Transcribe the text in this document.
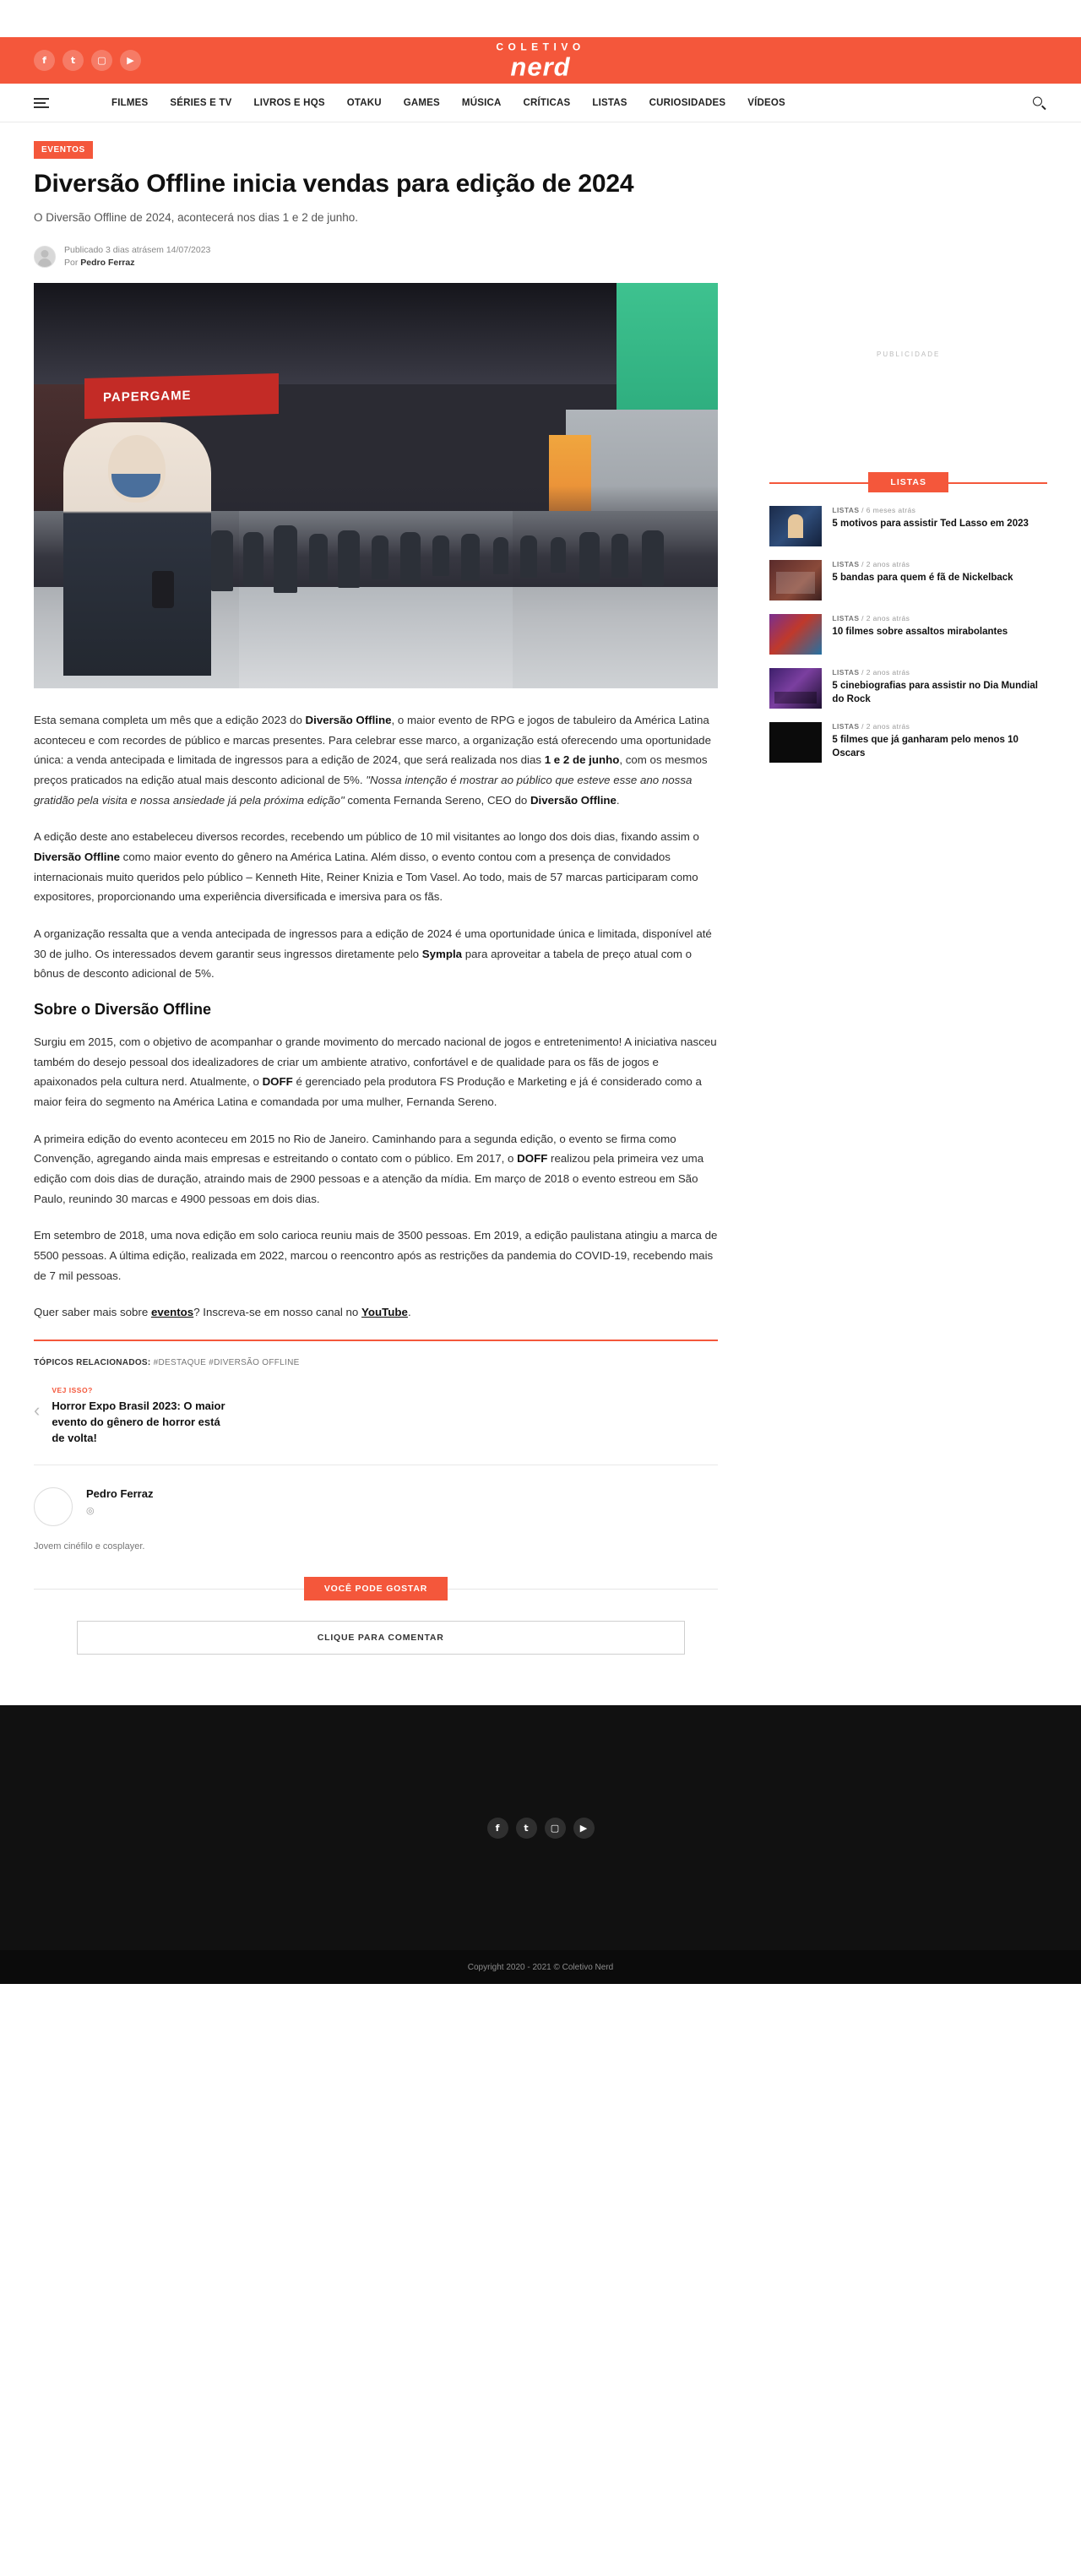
f	t	▢	▶
COLETIVO
nerd
FILMES SÉRIES E TV LIVROS E HQS OTAKU GAMES MÚSICA CRÍTICAS LISTAS CURIOSIDADES VÍDEOS
EVENTOS
Diversão Offline inicia vendas para edição de 2024
O Diversão Offline de 2024, acontecerá nos dias 1 e 2 de junho.
Publicado 3 dias atrásem 14/07/2023
Por Pedro Ferraz
PAPERGAME

Esta semana completa um mês que a edição 2023 do Diversão Offline, o maior evento de RPG e jogos de tabuleiro da América Latina aconteceu e com recordes de público e marcas presentes. Para celebrar esse marco, a organização está oferecendo uma oportunidade única: a venda antecipada e limitada de ingressos para a edição de 2024, que será realizada nos dias 1 e 2 de junho, com os mesmos preços praticados na edição atual mais desconto adicional de 5%. "Nossa intenção é mostrar ao público que esteve esse ano nossa gratidão pela visita e nossa ansiedade já pela próxima edição" comenta Fernanda Sereno, CEO do Diversão Offline.

A edição deste ano estabeleceu diversos recordes, recebendo um público de 10 mil visitantes ao longo dos dois dias, fixando assim o Diversão Offline como maior evento do gênero na América Latina. Além disso, o evento contou com a presença de convidados internacionais muito queridos pelo público – Kenneth Hite, Reiner Knizia e Tom Vasel. Ao todo, mais de 57 marcas participaram como expositores, proporcionando uma experiência diversificada e imersiva para os fãs.

A organização ressalta que a venda antecipada de ingressos para a edição de 2024 é uma oportunidade única e limitada, disponível até 30 de julho. Os interessados devem garantir seus ingressos diretamente pelo Sympla para aproveitar a tabela de preço atual com o bônus de desconto adicional de 5%.

Sobre o Diversão Offline

Surgiu em 2015, com o objetivo de acompanhar o grande movimento do mercado nacional de jogos e entretenimento! A iniciativa nasceu também do desejo pessoal dos idealizadores de criar um ambiente atrativo, confortável e de qualidade para os fãs de jogos e apaixonados pela cultura nerd. Atualmente, o DOFF é gerenciado pela produtora FS Produção e Marketing e já é considerado como a maior feira do segmento na América Latina e comandada por uma mulher, Fernanda Sereno.

A primeira edição do evento aconteceu em 2015 no Rio de Janeiro. Caminhando para a segunda edição, o evento se firma como Convenção, agregando ainda mais empresas e estreitando o contato com o público. Em 2017, o DOFF realizou pela primeira vez uma edição com dois dias de duração, atraindo mais de 2900 pessoas e a atenção da mídia. Em março de 2018 o evento estreou em São Paulo, reunindo 30 marcas e 4900 pessoas em dois dias.

Em setembro de 2018, uma nova edição em solo carioca reuniu mais de 3500 pessoas. Em 2019, a edição paulistana atingiu a marca de 5500 pessoas. A última edição, realizada em 2022, marcou o reencontro após as restrições da pandemia do COVID-19, recebendo mais de 7 mil pessoas.

Quer saber mais sobre eventos? Inscreva-se em nosso canal no YouTube.

TÓPICOS RELACIONADOS: #DESTAQUE #DIVERSÃO OFFLINE
‹
VEJ ISSO?
Horror Expo Brasil 2023: O maior evento do gênero de horror está de volta!
Pedro Ferraz
◎
Jovem cinéfilo e cosplayer.
VOCÊ PODE GOSTAR
CLIQUE PARA COMENTAR
PUBLICIDADE
LISTAS
LISTAS / 6 meses atrás
5 motivos para assistir Ted Lasso em 2023
LISTAS / 2 anos atrás
5 bandas para quem é fã de Nickelback
LISTAS / 2 anos atrás
10 filmes sobre assaltos mirabolantes
LISTAS / 2 anos atrás
5 cinebiografias para assistir no Dia Mundial do Rock
LISTAS / 2 anos atrás
5 filmes que já ganharam pelo menos 10 Oscars
f	t	▢	▶
Copyright 2020 - 2021 © Coletivo Nerd
